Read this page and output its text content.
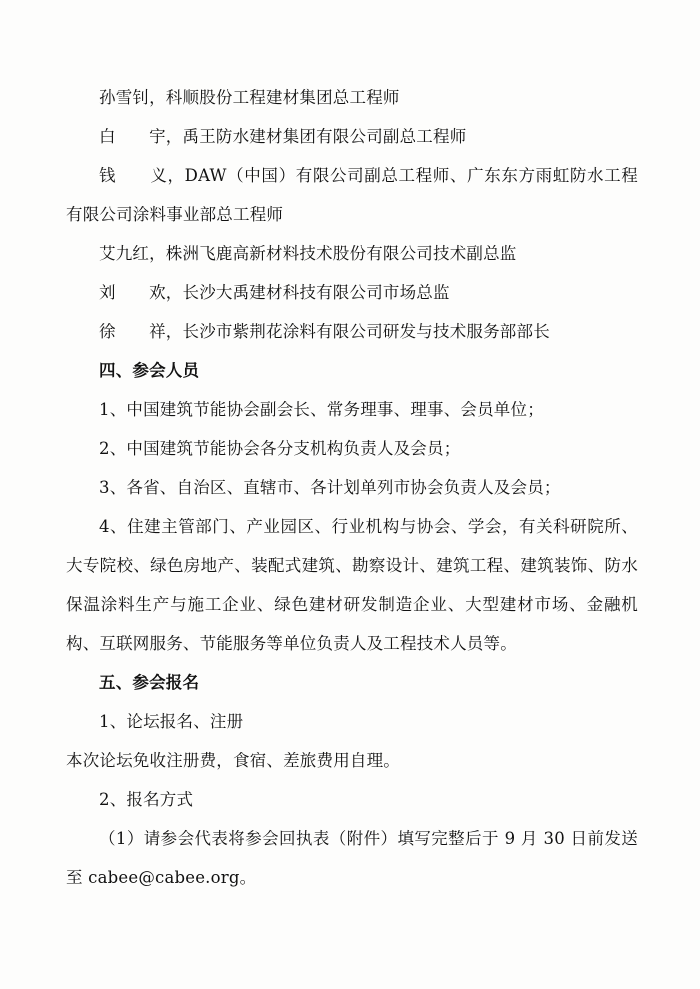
孙雪钊，科顺股份工程建材集团总工程师

白　　宇，禹王防水建材集团有限公司副总工程师

钱　　义，DAW（中国）有限公司副总工程师、广东东方雨虹防水工程有限公司涂料事业部总工程师

艾九红，株洲飞鹿高新材料技术股份有限公司技术副总监

刘　　欢，长沙大禹建材科技有限公司市场总监

徐　　祥，长沙市紫荆花涂料有限公司研发与技术服务部部长

四、参会人员

1、中国建筑节能协会副会长、常务理事、理事、会员单位；

2、中国建筑节能协会各分支机构负责人及会员；

3、各省、自治区、直辖市、各计划单列市协会负责人及会员；

4、住建主管部门、产业园区、行业机构与协会、学会，有关科研院所、大专院校、绿色房地产、装配式建筑、勘察设计、建筑工程、建筑装饰、防水保温涂料生产与施工企业、绿色建材研发制造企业、大型建材市场、金融机构、互联网服务、节能服务等单位负责人及工程技术人员等。

五、参会报名

1、论坛报名、注册

本次论坛免收注册费，食宿、差旅费用自理。

2、报名方式

（1）请参会代表将参会回执表（附件）填写完整后于 9 月 30 日前发送至 cabee@cabee.org。
